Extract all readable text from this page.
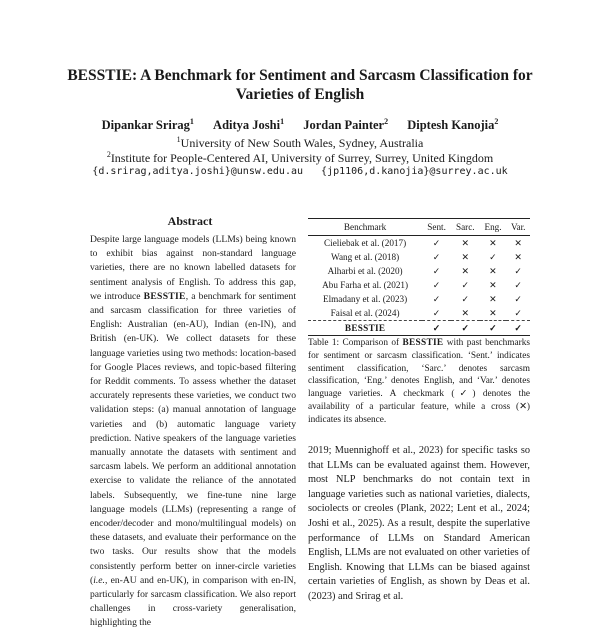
BESSTIE: A Benchmark for Sentiment and Sarcasm Classification for Varieties of English
Dipankar Srirag$^1$ Aditya Joshi$^1$ Jordan Painter$^2$ Diptesh Kanojia$^2$
$^1$University of New South Wales, Sydney, Australia
$^2$Institute for People-Centered AI, University of Surrey, Surrey, United Kingdom
{d.srirag,aditya.joshi}@unsw.edu.au {jp1106,d.kanojia}@surrey.ac.uk
Abstract
Despite large language models (LLMs) being known to exhibit bias against non-standard language varieties, there are no known labelled datasets for sentiment analysis of English. To address this gap, we introduce BESSTIE, a benchmark for sentiment and sarcasm classification for three varieties of English: Australian (en-AU), Indian (en-IN), and British (en-UK). We collect datasets for these language varieties using two methods: location-based for Google Places reviews, and topic-based filtering for Reddit comments. To assess whether the dataset accurately represents these varieties, we conduct two validation steps: (a) manual annotation of language varieties and (b) automatic language variety prediction. Native speakers of the language varieties manually annotate the datasets with sentiment and sarcasm labels. We perform an additional annotation exercise to validate the reliance of the annotated labels. Subsequently, we fine-tune nine large language models (LLMs) (representing a range of encoder/decoder and mono/multilingual models) on these datasets, and evaluate their performance on the two tasks. Our results show that the models consistently perform better on inner-circle varieties (i.e., en-AU and en-UK), in comparison with en-IN, particularly for sarcasm classification. We also report challenges in cross-variety generalisation, highlighting the
Benchmark	Sent.	Sarc.	Eng.	Var.
Cieliebak et al. (2017)	✓	✕	✕	✕
Wang et al. (2018)	✓	✕	✓	✕
Alharbi et al. (2020)	✓	✕	✕	✓
Abu Farha et al. (2021)	✓	✓	✕	✓
Elmadany et al. (2023)	✓	✓	✕	✓
Faisal et al. (2024)	✓	✕	✕	✓
BESSTIE	✓	✓	✓	✓
Table 1: Comparison of BESSTIE with past benchmarks for sentiment or sarcasm classification. ‘Sent.’ indicates sentiment classification, ‘Sarc.’ denotes sarcasm classification, ‘Eng.’ denotes English, and ‘Var.’ denotes language varieties. A checkmark (✓) denotes the availability of a particular feature, while a cross (✕) indicates its absence.
2019; Muennighoff et al., 2023) for specific tasks so that LLMs can be evaluated against them. However, most NLP benchmarks do not contain text in language varieties such as national varieties, dialects, sociolects or creoles (Plank, 2022; Lent et al., 2024; Joshi et al., 2025). As a result, despite the superlative performance of LLMs on Standard American English, LLMs are not evaluated on other varieties of English. Knowing that LLMs can be biased against certain varieties of English, as shown by Deas et al. (2023) and Srirag et al.
